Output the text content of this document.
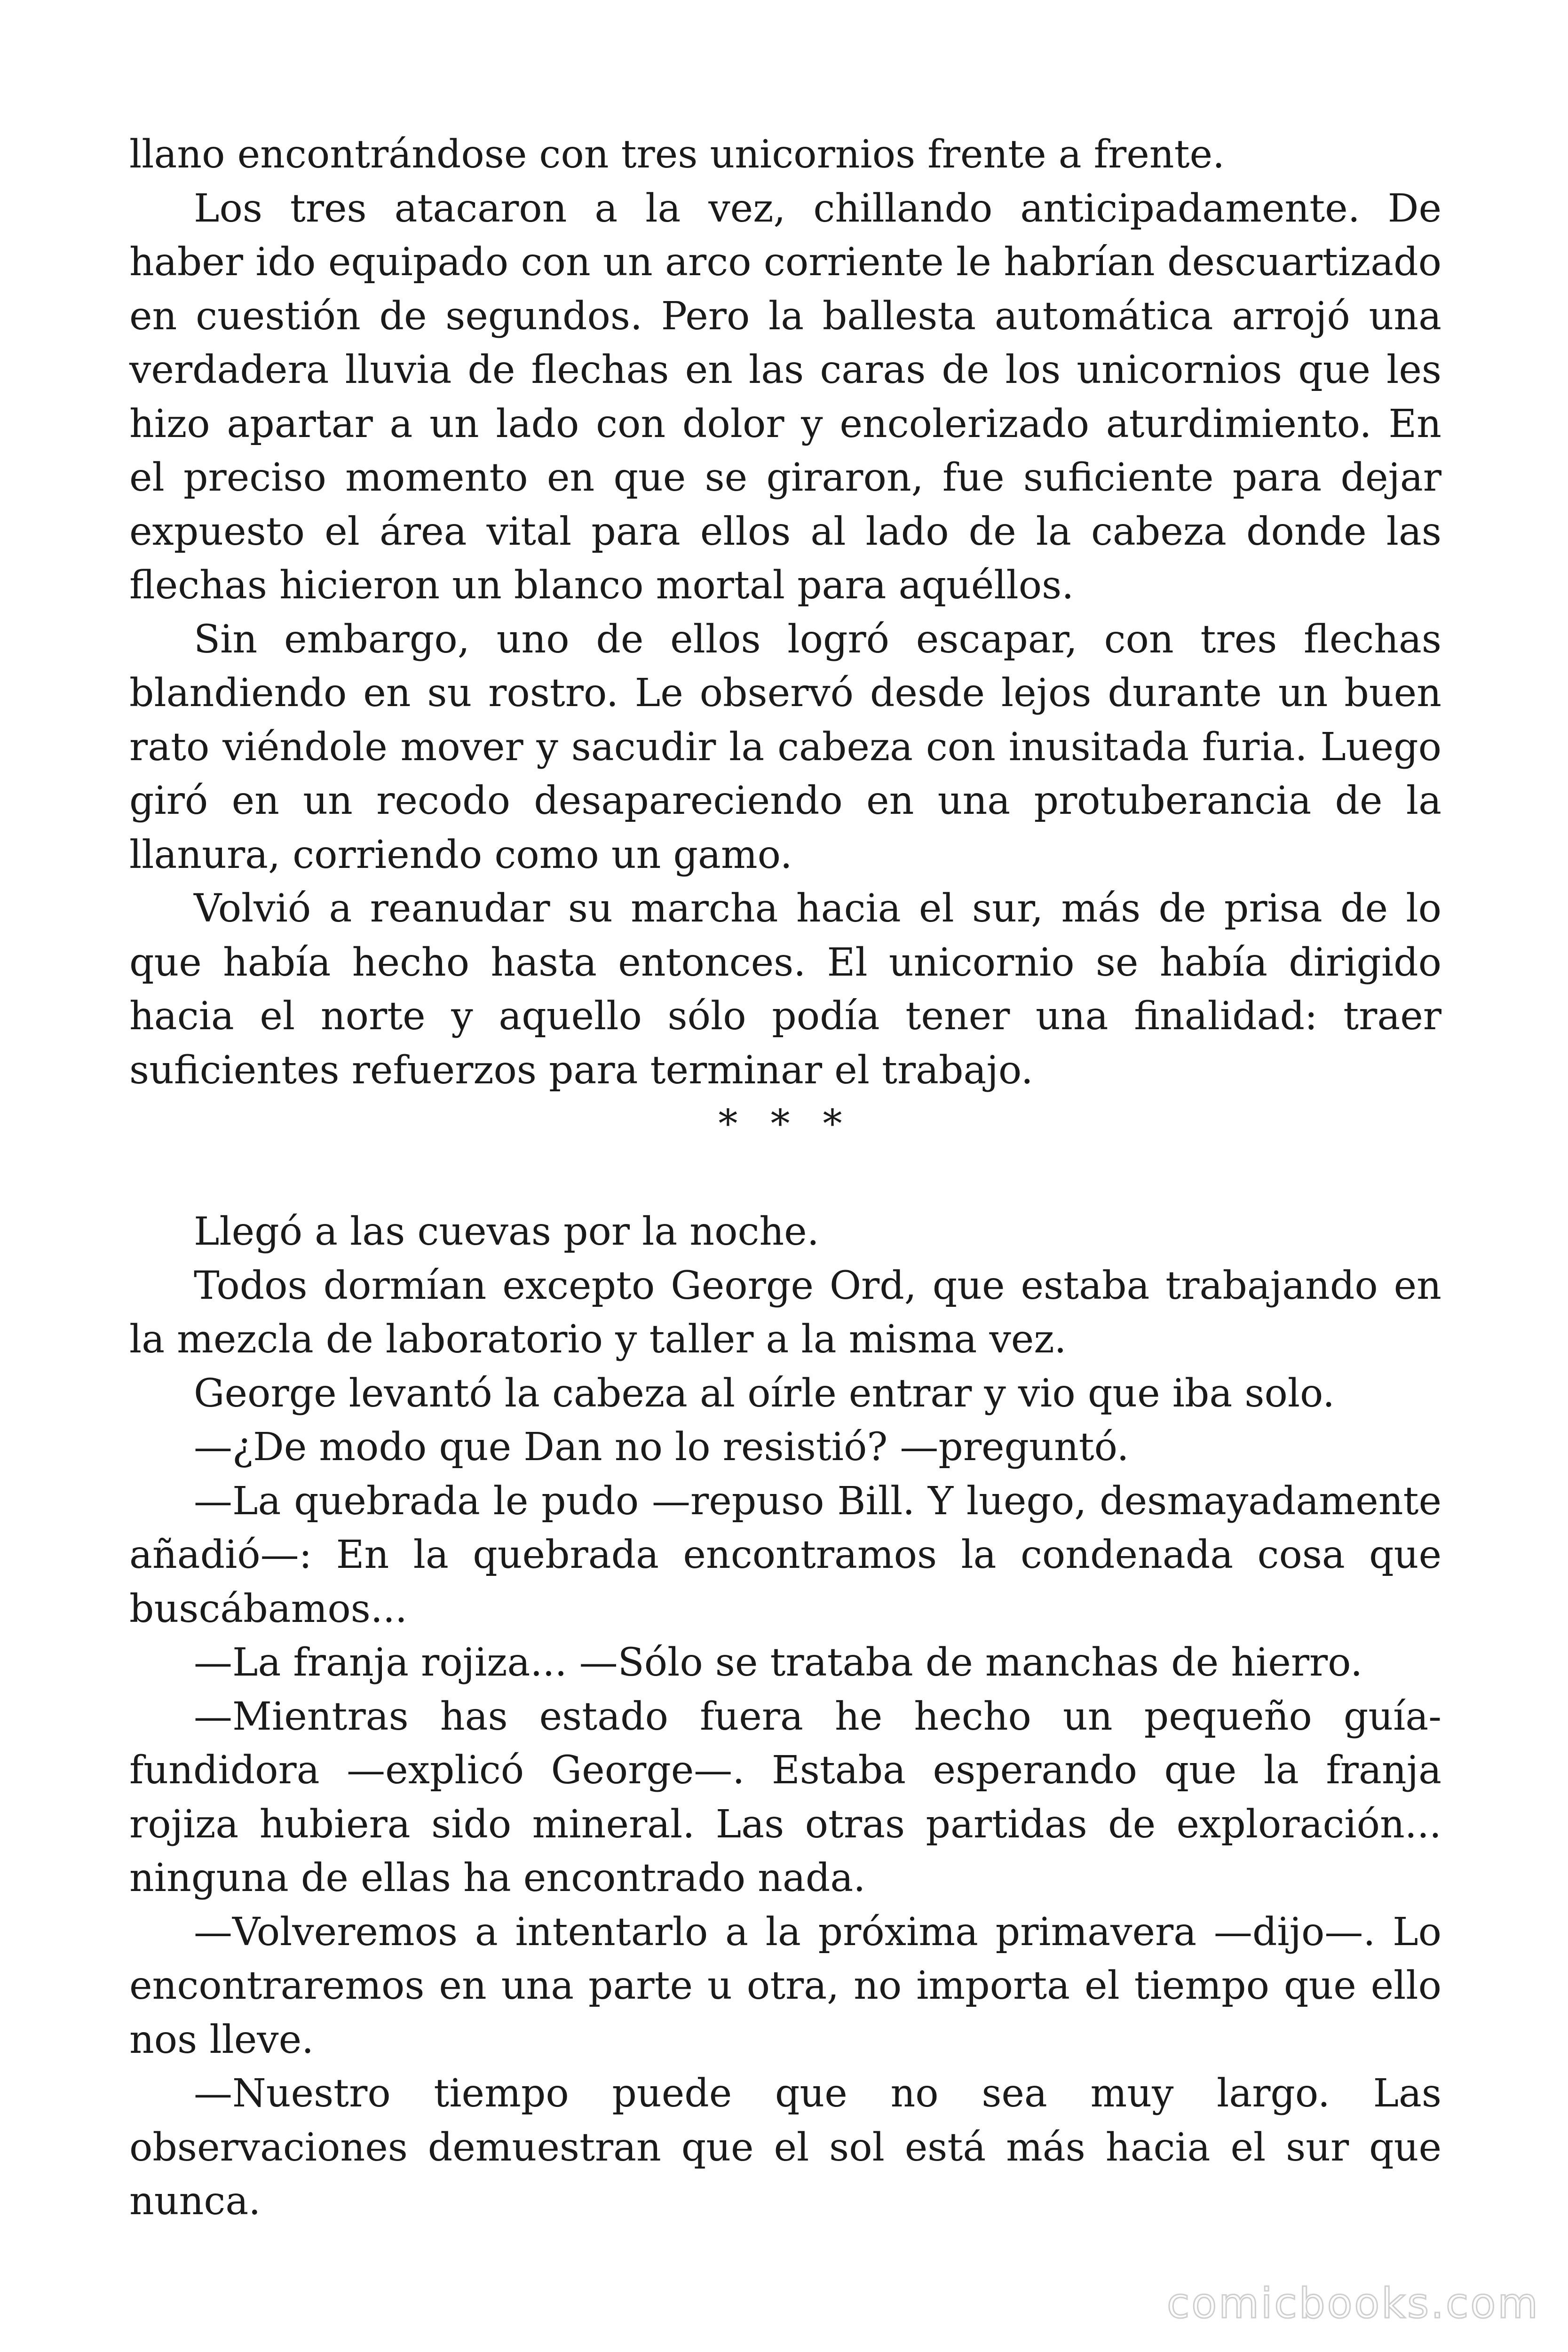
llano encontrándose con tres unicornios frente a frente.

Los tres atacaron a la vez, chillando anticipadamente. De haber ido equipado con un arco corriente le habrían descuartizado en cuestión de segundos. Pero la ballesta automática arrojó una verdadera lluvia de flechas en las caras de los unicornios que les hizo apartar a un lado con dolor y encolerizado aturdimiento. En el preciso momento en que se giraron, fue suficiente para dejar expuesto el área vital para ellos al lado de la cabeza donde las flechas hicieron un blanco mortal para aquéllos.

Sin embargo, uno de ellos logró escapar, con tres flechas blandiendo en su rostro. Le observó desde lejos durante un buen rato viéndole mover y sacudir la cabeza con inusitada furia. Luego giró en un recodo desapareciendo en una protuberancia de la llanura, corriendo como un gamo.

Volvió a reanudar su marcha hacia el sur, más de prisa de lo que había hecho hasta entonces. El unicornio se había dirigido hacia el norte y aquello sólo podía tener una finalidad: traer suficientes refuerzos para terminar el trabajo.

* * *

Llegó a las cuevas por la noche.

Todos dormían excepto George Ord, que estaba trabajando en la mezcla de laboratorio y taller a la misma vez.

George levantó la cabeza al oírle entrar y vio que iba solo.

—¿De modo que Dan no lo resistió? —preguntó.

—La quebrada le pudo —repuso Bill. Y luego, desmayadamente añadió—: En la quebrada encontramos la condenada cosa que buscábamos...

—La franja rojiza... —Sólo se trataba de manchas de hierro.

—Mientras has estado fuera he hecho un pequeño guía-fundidora —explicó George—. Estaba esperando que la franja rojiza hubiera sido mineral. Las otras partidas de exploración... ninguna de ellas ha encontrado nada.

—Volveremos a intentarlo a la próxima primavera —dijo—. Lo encontraremos en una parte u otra, no importa el tiempo que ello nos lleve.

—Nuestro tiempo puede que no sea muy largo. Las observaciones demuestran que el sol está más hacia el sur que nunca.

comicbooks.com
